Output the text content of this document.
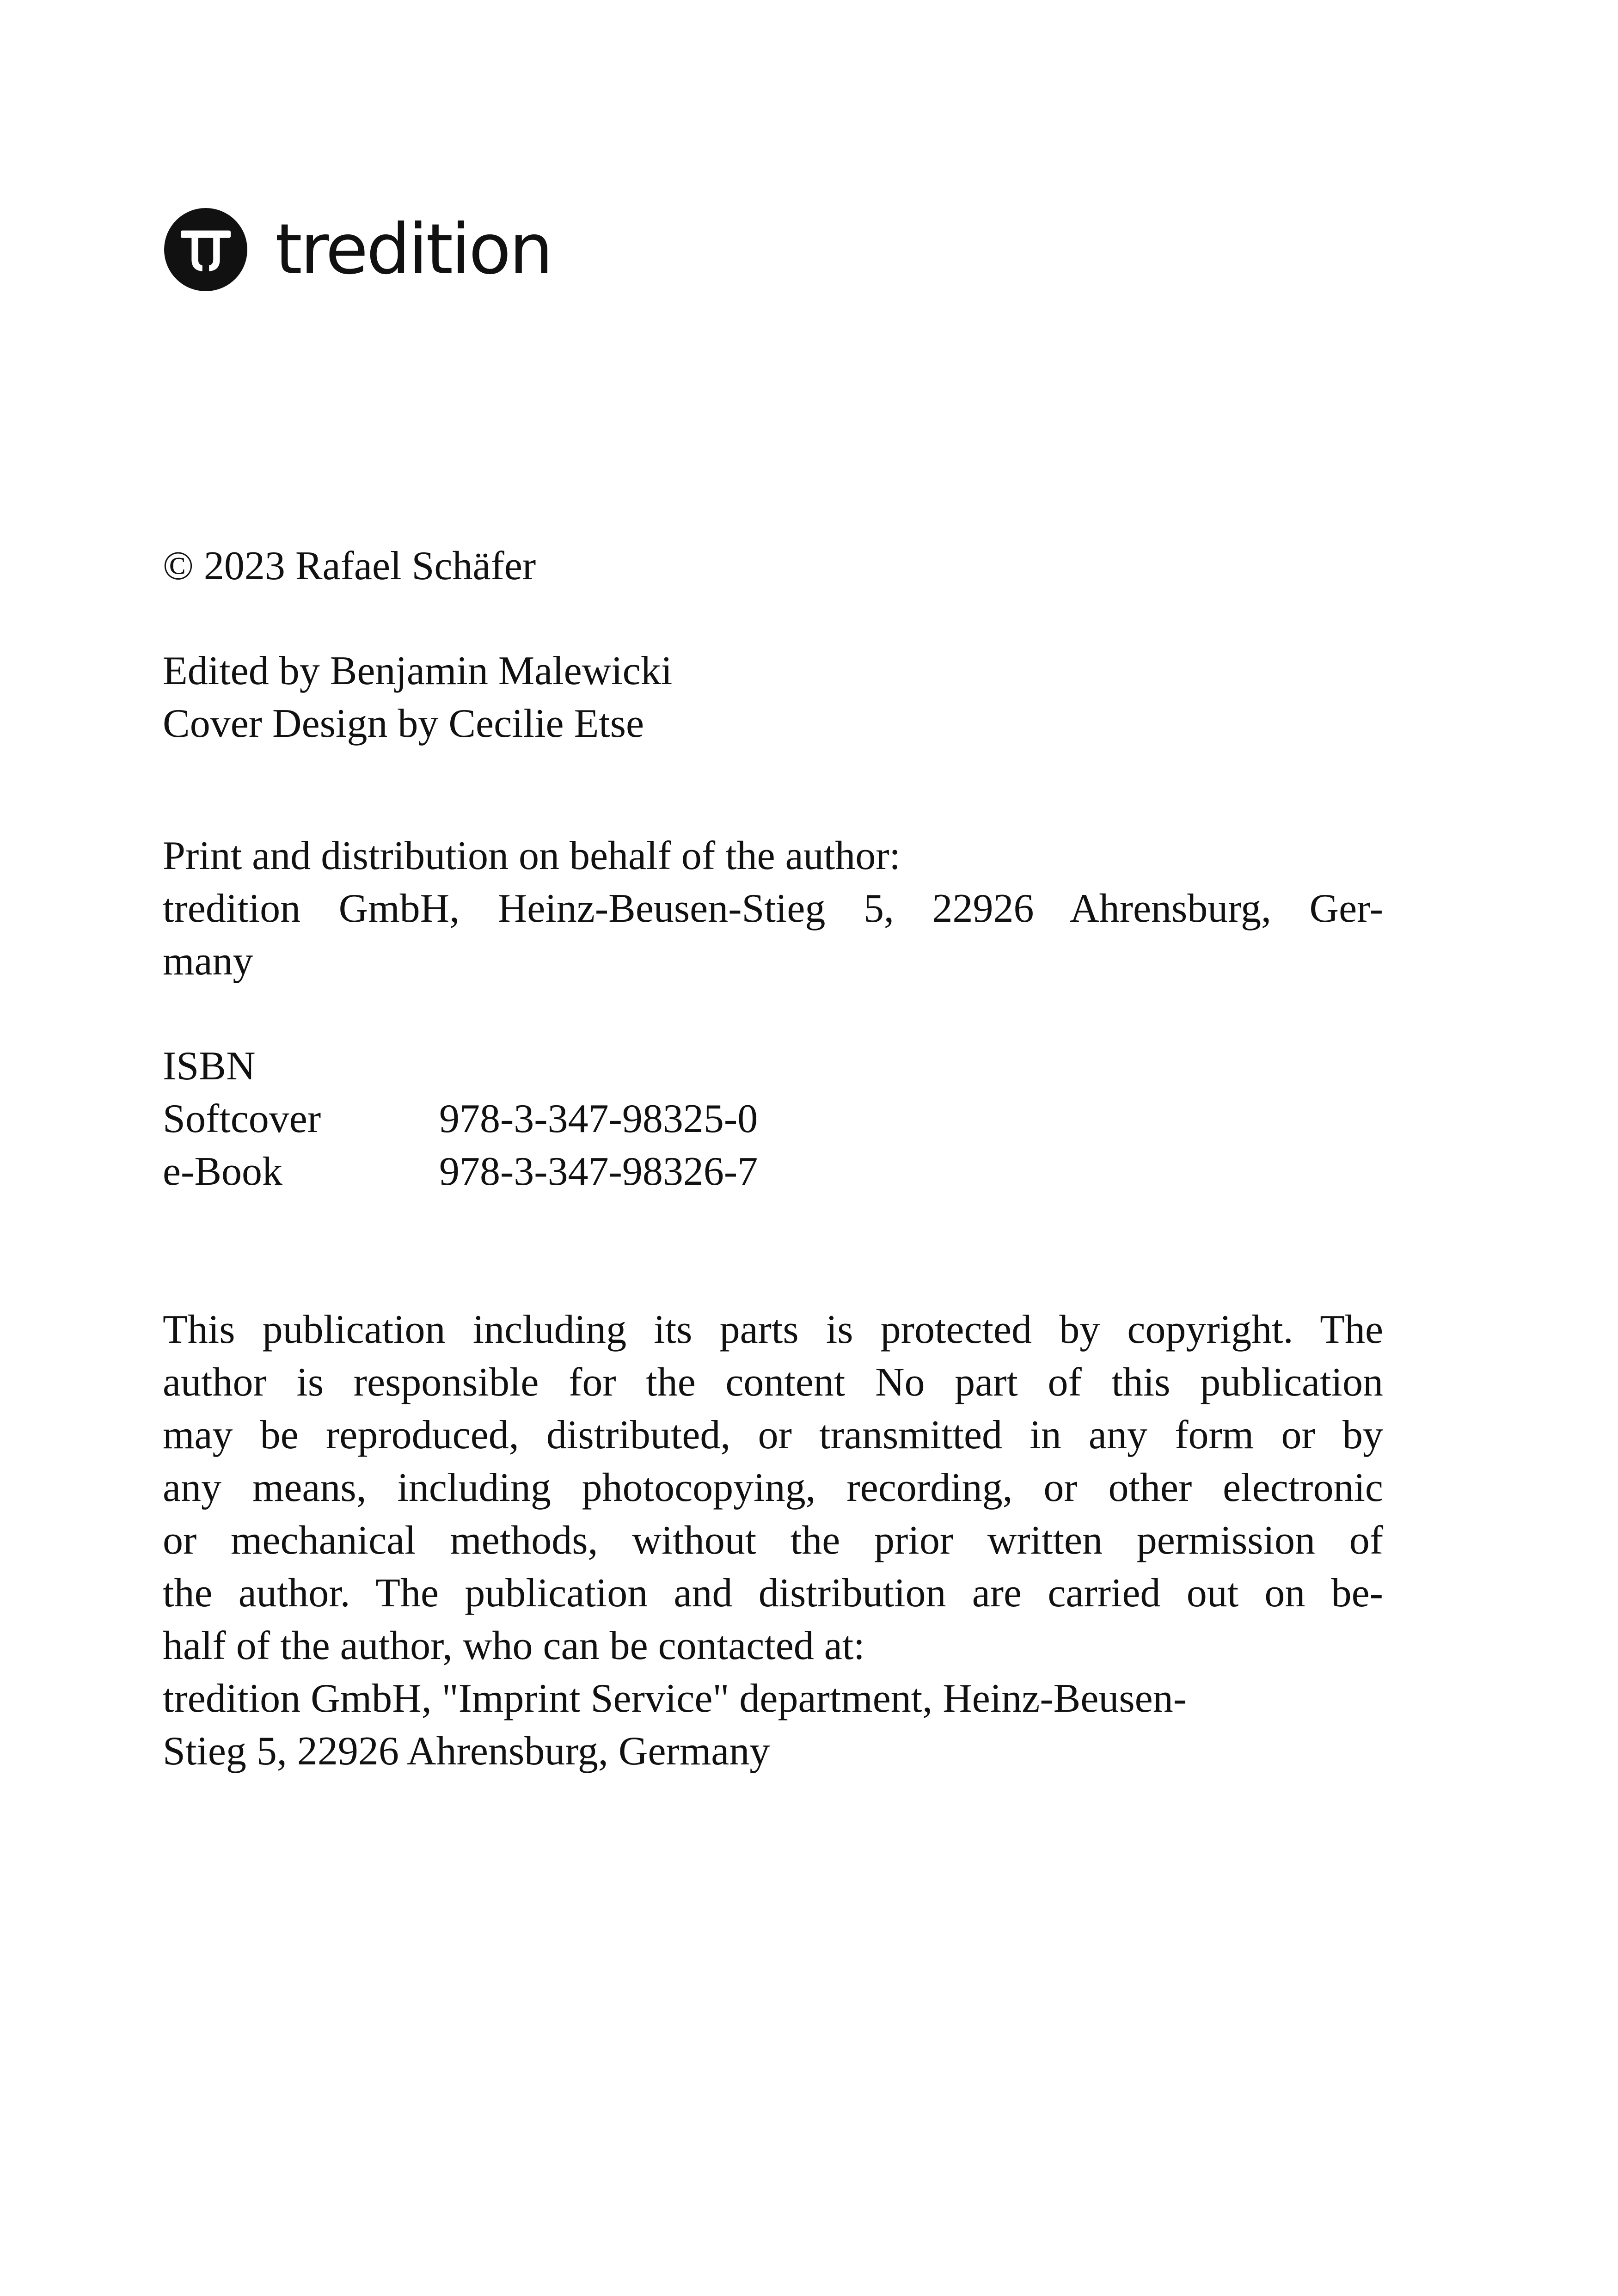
tredition
© 2023 Rafael Schäfer
Edited by Benjamin Malewicki
Cover Design by Cecilie Etse
Print and distribution on behalf of the author:
tredition GmbH, Heinz-Beusen-Stieg 5, 22926 Ahrensburg, Ger-
many
ISBN
Softcover	978-3-347-98325-0
e-Book	978-3-347-98326-7
This publication including its parts is protected by copyright. The
author is responsible for the content No part of this publication
may be reproduced, distributed, or transmitted in any form or by
any means, including photocopying, recording, or other electronic
or mechanical methods, without the prior written permission of
the author. The publication and distribution are carried out on be-
half of the author, who can be contacted at:
tredition GmbH, "Imprint Service" department, Heinz-Beusen-
Stieg 5, 22926 Ahrensburg, Germany
